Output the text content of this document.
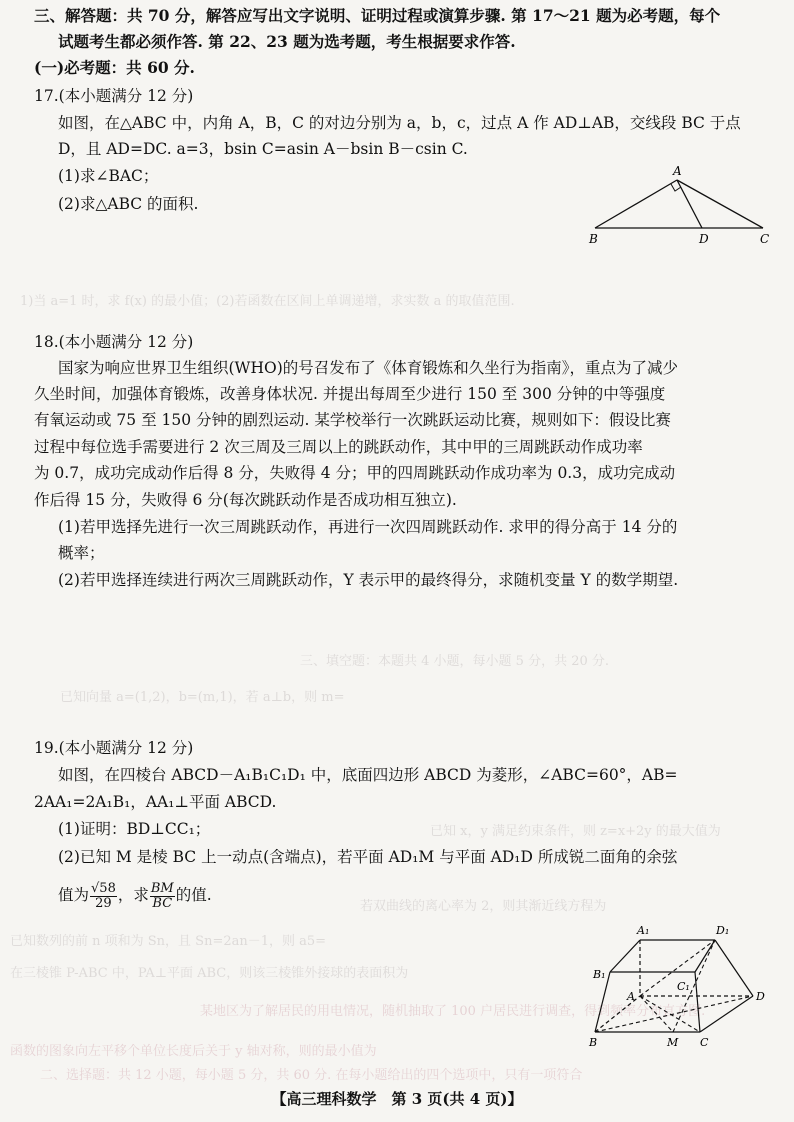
1)当 a=1 时，求 f(x) 的最小值；(2)若函数在区间上单调递增，求实数 a 的取值范围.
三、填空题：本题共 4 小题，每小题 5 分，共 20 分.
已知向量 a=(1,2)，b=(m,1)，若 a⊥b，则 m=
已知 x，y 满足约束条件，则 z=x+2y 的最大值为
若双曲线的离心率为 2，则其渐近线方程为
已知数列的前 n 项和为 Sn，且 Sn=2an－1，则 a5=
在三棱锥 P-ABC 中，PA⊥平面 ABC，则该三棱锥外接球的表面积为
某地区为了解居民的用电情况，随机抽取了 100 户居民进行调查，得到频率分布直方图.
函数的图象向左平移个单位长度后关于 y 轴对称，则的最小值为
二、选择题：共 12 小题，每小题 5 分，共 60 分. 在每小题给出的四个选项中，只有一项符合
三、解答题：共 70 分，解答应写出文字说明、证明过程或演算步骤. 第 17～21 题为必考题，每个
试题考生都必须作答. 第 22、23 题为选考题，考生根据要求作答.
(一)必考题：共 60 分.
17.(本小题满分 12 分)
如图，在△ABC 中，内角 A，B，C 的对边分别为 a，b，c，过点 A 作 AD⊥AB，交线段 BC 于点
D，且 AD=DC. a=3，bsin C=asin A－bsin B－csin C.
(1)求∠BAC；
(2)求△ABC 的面积.
A
B	D	C
18.(本小题满分 12 分)
国家为响应世界卫生组织(WHO)的号召发布了《体育锻炼和久坐行为指南》，重点为了减少
久坐时间，加强体育锻炼，改善身体状况. 并提出每周至少进行 150 至 300 分钟的中等强度
有氧运动或 75 至 150 分钟的剧烈运动. 某学校举行一次跳跃运动比赛，规则如下：假设比赛
过程中每位选手需要进行 2 次三周及三周以上的跳跃动作，其中甲的三周跳跃动作成功率
为 0.7，成功完成动作后得 8 分，失败得 4 分；甲的四周跳跃动作成功率为 0.3，成功完成动
作后得 15 分，失败得 6 分(每次跳跃动作是否成功相互独立).
(1)若甲选择先进行一次三周跳跃动作，再进行一次四周跳跃动作. 求甲的得分高于 14 分的
概率；
(2)若甲选择连续进行两次三周跳跃动作，Y 表示甲的最终得分，求随机变量 Y 的数学期望.
19.(本小题满分 12 分)
如图，在四棱台 ABCD－A₁B₁C₁D₁ 中，底面四边形 ABCD 为菱形，∠ABC=60°，AB=
2AA₁=2A₁B₁，AA₁⊥平面 ABCD.
(1)证明：BD⊥CC₁；
(2)已知 M 是棱 BC 上一动点(含端点)，若平面 AD₁M 与平面 AD₁D 所成锐二面角的余弦
值为 $\frac{√58}{29}$ ，求 $\frac{BM}{BC}$ 的值.
A₁	D₁
B₁
C₁
A	D
B	M C
【高三理科数学　第 3 页(共 4 页)】
